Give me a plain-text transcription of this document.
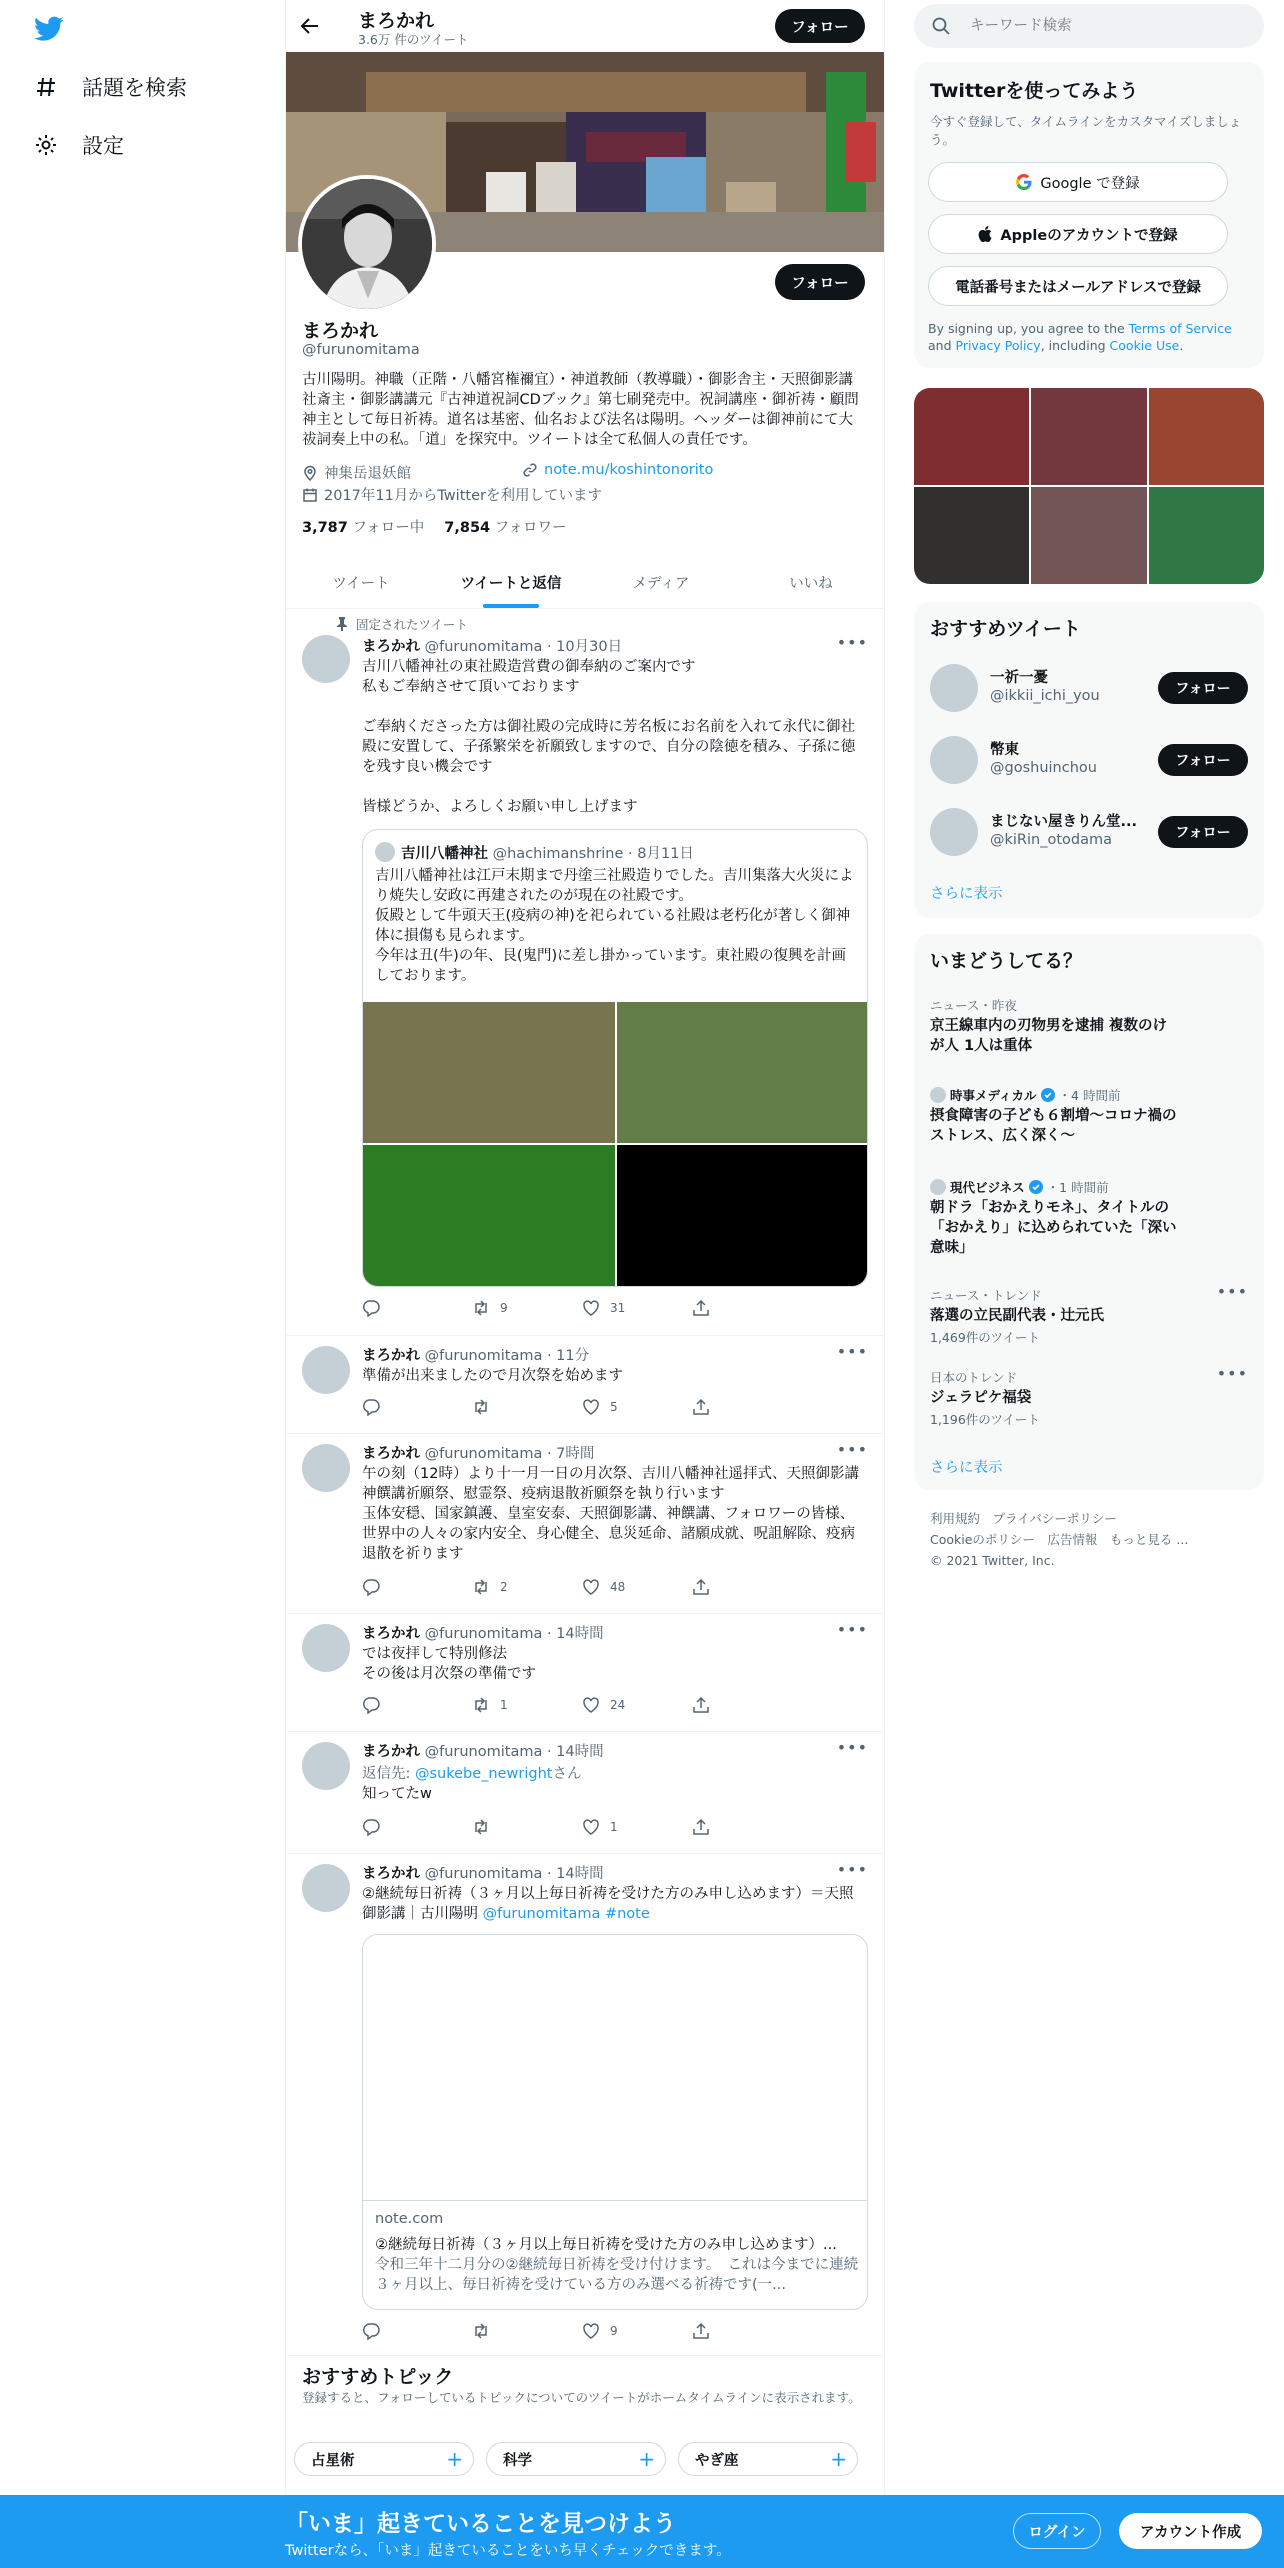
話題を検索
設定
まろかれ
3.6万 件のツイート
フォロー
フォロー
まろかれ
@furunomitama
古川陽明。神職（正階・八幡宮権禰宜）・神道教師（教導職）・御影舎主・天照御影講社斎主・御影講講元『古神道祝詞CDブック』第七刷発売中。祝詞講座・御祈祷・顧問神主として毎日祈祷。道名は基密、仙名および法名は陽明。ヘッダーは御神前にて大祓詞奏上中の私。「道」を探究中。ツイートは全て私個人の責任です。
神集岳退妖館	note.mu/koshintonorito
2017年11月からTwitterを利用しています
3,787 フォロー中 7,854 フォロワー
ツイート	ツイートと返信	メディア	いいね
固定されたツイート
まろかれ @furunomitama · 10月30日	•••
吉川八幡神社の東社殿造営費の御奉納のご案内です
私もご奉納させて頂いております

ご奉納くださった方は御社殿の完成時に芳名板にお名前を入れて永代に御社殿に安置して、子孫繁栄を祈願致しますので、自分の陰徳を積み、子孫に徳を残す良い機会です

皆様どうか、よろしくお願い申し上げます
吉川八幡神社 @hachimanshrine · 8月11日
吉川八幡神社は江戸末期まで丹塗三社殿造りでした。吉川集落大火災により焼失し安政に再建されたのが現在の社殿です。
仮殿として牛頭天王(疫病の神)を祀られている社殿は老朽化が著しく御神体に損傷も見られます。
今年は丑(牛)の年、艮(鬼門)に差し掛かっています。東社殿の復興を計画しております。
9	31
まろかれ @furunomitama · 11分	•••
準備が出来ましたので月次祭を始めます
5
まろかれ @furunomitama · 7時間	•••
午の刻（12時）より十一月一日の月次祭、吉川八幡神社遥拝式、天照御影講神饌講祈願祭、慰霊祭、疫病退散祈願祭を執り行います
玉体安穏、国家鎮護、皇室安泰、天照御影講、神饌講、フォロワーの皆様、世界中の人々の家内安全、身心健全、息災延命、諸願成就、呪詛解除、疫病退散を祈ります
2	48
まろかれ @furunomitama · 14時間	•••
では夜拝して特別修法
その後は月次祭の準備です
1	24
まろかれ @furunomitama · 14時間	•••
返信先: @sukebe_newrightさん
知ってたw
1
まろかれ @furunomitama · 14時間	•••
②継続毎日祈祷（３ヶ月以上毎日祈祷を受けた方のみ申し込めます）＝天照御影講｜古川陽明 @furunomitama #note
note.com
②継続毎日祈祷（３ヶ月以上毎日祈祷を受けた方のみ申し込めます）...
令和三年十二月分の②継続毎日祈祷を受け付けます。　これは今までに連続３ヶ月以上、毎日祈祷を受けている方のみ選べる祈祷です(一...
9
おすすめトピック
登録すると、フォローしているトピックについてのツイートがホームタイムラインに表示されます。
占星術	+	科学	+	やぎ座	+
キーワード検索
Twitterを使ってみよう
今すぐ登録して、タイムラインをカスタマイズしましょう。
Google で登録
Appleのアカウントで登録
電話番号またはメールアドレスで登録
By signing up, you agree to the Terms of Service and Privacy Policy, including Cookie Use.
おすすめツイート
一祈一憂
@ikkii_ichi_you	フォロー
幣東
@goshuinchou	フォロー
まじない屋きりん堂...
@kiRin_otodama	フォロー
さらに表示
いまどうしてる？
ニュース・昨夜
京王線車内の刃物男を逮捕 複数のけが人 1人は重体
時事メディカル ・4 時間前
摂食障害の子ども６割増～コロナ禍のストレス、広く深く～
現代ビジネス ・1 時間前
朝ドラ「おかえりモネ」、タイトルの「おかえり」に込められていた「深い意味」
ニュース・トレンド
落選の立民副代表・辻元氏
1,469件のツイート
•••
日本のトレンド
ジェラピケ福袋
1,196件のツイート
•••
さらに表示
利用規約　プライバシーポリシー
Cookieのポリシー　広告情報　もっと見る ...
© 2021 Twitter, Inc.
「いま」起きていることを見つけよう
Twitterなら、「いま」起きていることをいち早くチェックできます。
ログイン	アカウント作成
